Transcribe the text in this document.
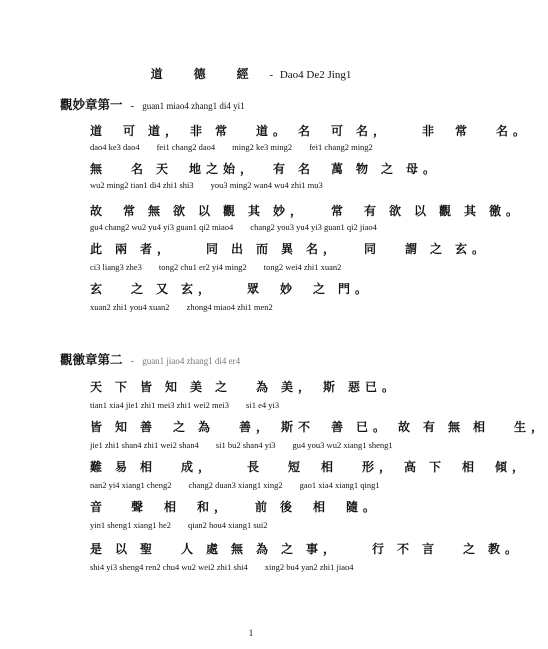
道 德 經 - Dao4 De2 Jing1
觀妙章第一 - guan1 miao4 zhang1 di4 yi1
道  可 道， 非 常   道。 名  可 名，    非  常   名。
dao4 ke3 dao4        fei1 chang2 dao4        ming2 ke3 ming2        fei1 chang2 ming2
無   名 天  地之始，  有 名  萬 物 之 母。
wu2 ming2 tian1 di4 zhi1 shi3        you3 ming2 wan4 wu4 zhi1 mu3
故  常 無 欲 以 觀 其 妙，   常  有 欲 以 觀 其 徼。
gu4 chang2 wu2 yu4 yi3 guan1 qi2 miao4        chang2 you3 yu4 yi3 guan1 qi2 jiao4
此 兩 者，    同 出 而 異 名，   同   謂 之 玄。
ci3 liang3 zhe3        tong2 chu1 er2 yi4 ming2        tong2 wei4 zhi1 xuan2
玄   之 又 玄，    眾  妙  之 門。
xuan2 zhi1 you4 xuan2        zhong4 miao4 zhi1 men2
觀徼章第二 - guan1 jiao4 zhang1 di4 er4
天 下 皆 知 美 之   為 美， 斯 惡已。
tian1 xia4 jie1 zhi1 mei3 zhi1 wei2 mei3        si1 e4 yi3
皆 知 善  之 為   善， 斯不  善 已。 故 有 無 相   生，
jie1 zhi1 shan4 zhi1 wei2 shan4        si1 bu2 shan4 yi3        gu4 you3 wu2 xiang1 sheng1
難 易 相   成，    長   短  相   形， 高 下  相  傾，
nan2 yi4 xiang1 cheng2        chang2 duan3 xiang1 xing2        gao1 xia4 xiang1 qing1
音   聲  相  和，   前 後  相  隨。
yin1 sheng1 xiang1 he2        qian2 hou4 xiang1 sui2
是 以 聖   人 處 無 為 之 事，    行 不 言   之 教。
shi4 yi3 sheng4 ren2 chu4 wu2 wei2 zhi1 shi4        xing2 bu4 yan2 zhi1 jiao4
1
